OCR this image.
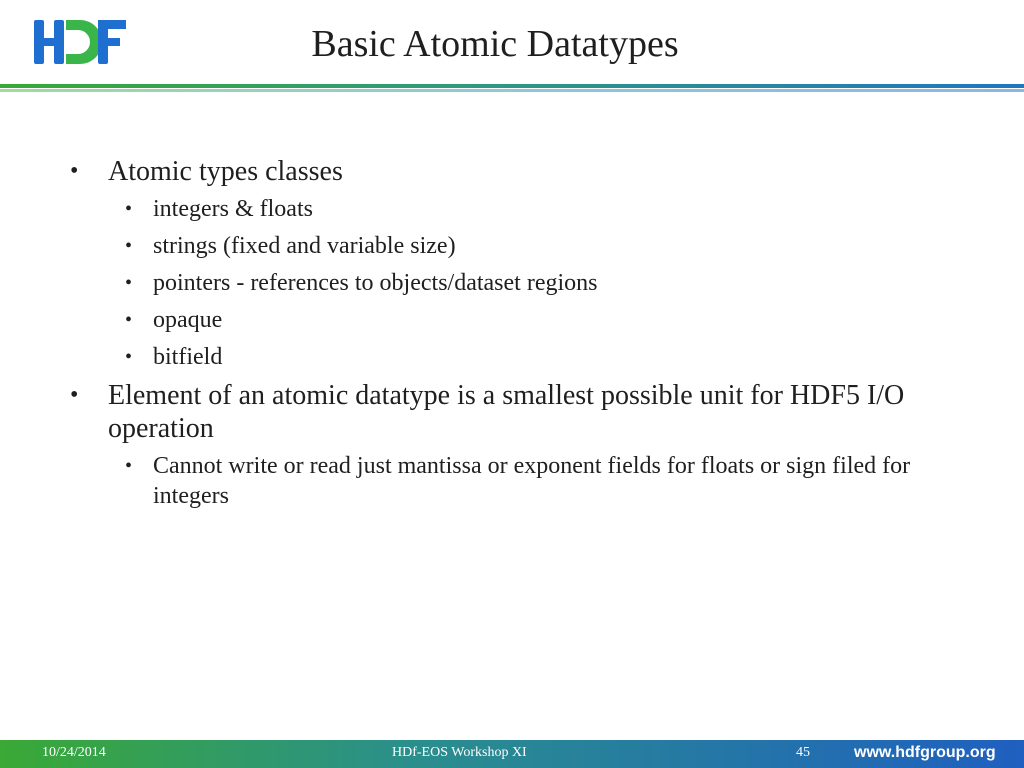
Basic Atomic Datatypes
• Atomic types classes
• integers & floats
• strings (fixed and variable size)
• pointers - references to objects/dataset regions
• opaque
• bitfield
• Element of an atomic datatype is a smallest possible unit for HDF5 I/O operation
• Cannot write or read just mantissa or exponent fields for floats or sign filed for integers
10/24/2014	HDf-EOS Workshop XI	45	www.hdfgroup.org
